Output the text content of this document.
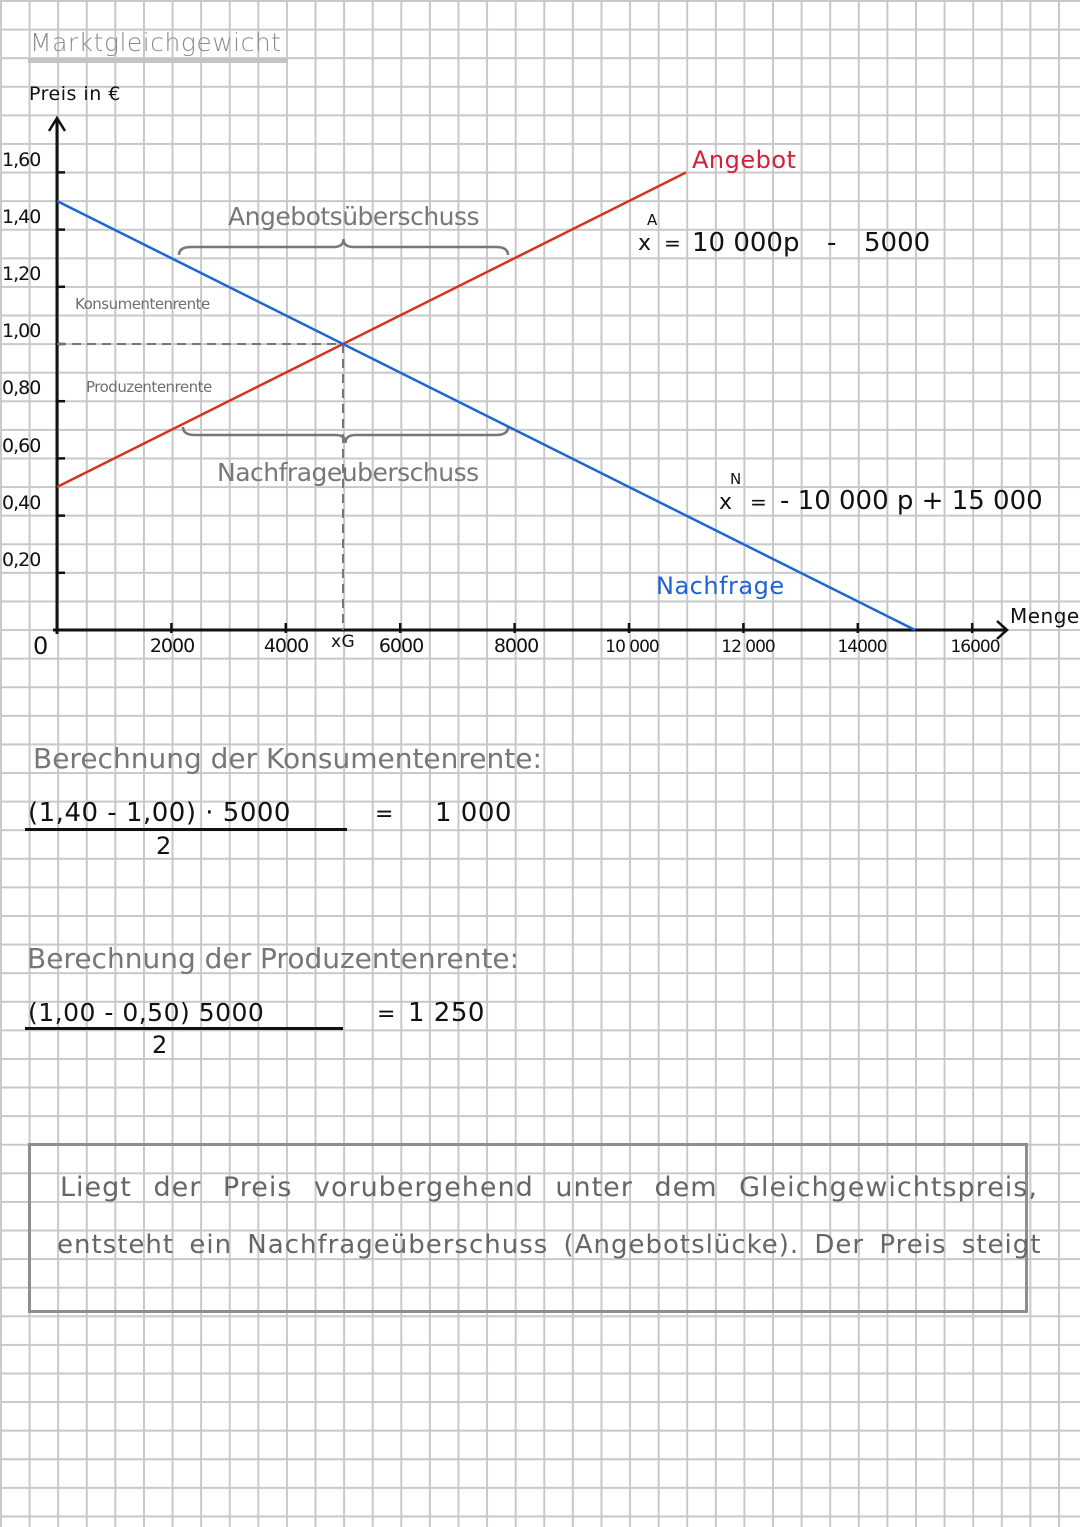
Marktgleichgewicht
Preis in €
Menge
1,60
1,40
1,20
1,00
0,80
0,60
0,40
0,20
0	2000	4000 xG 6000	8000	10 000	12 000	14000	16000
Angebotsüberschuss
Nachfrageuberschuss
Konsumentenrente
Produzentenrente
Angebot
Nachfrage
A
x = 10 000p - 5000
N
x = - 10 000 p + 15 000
Berechnung der Konsumentenrente:
(1,40 - 1,00) · 5000
2
= 1 000
Berechnung der Produzentenrente:
(1,00 - 0,50) 5000
2
= 1 250
Liegt der Preis vorubergehend unter dem Gleichgewichtspreis,
entsteht ein Nachfrageüberschuss (Angebotslücke). Der Preis steigt
